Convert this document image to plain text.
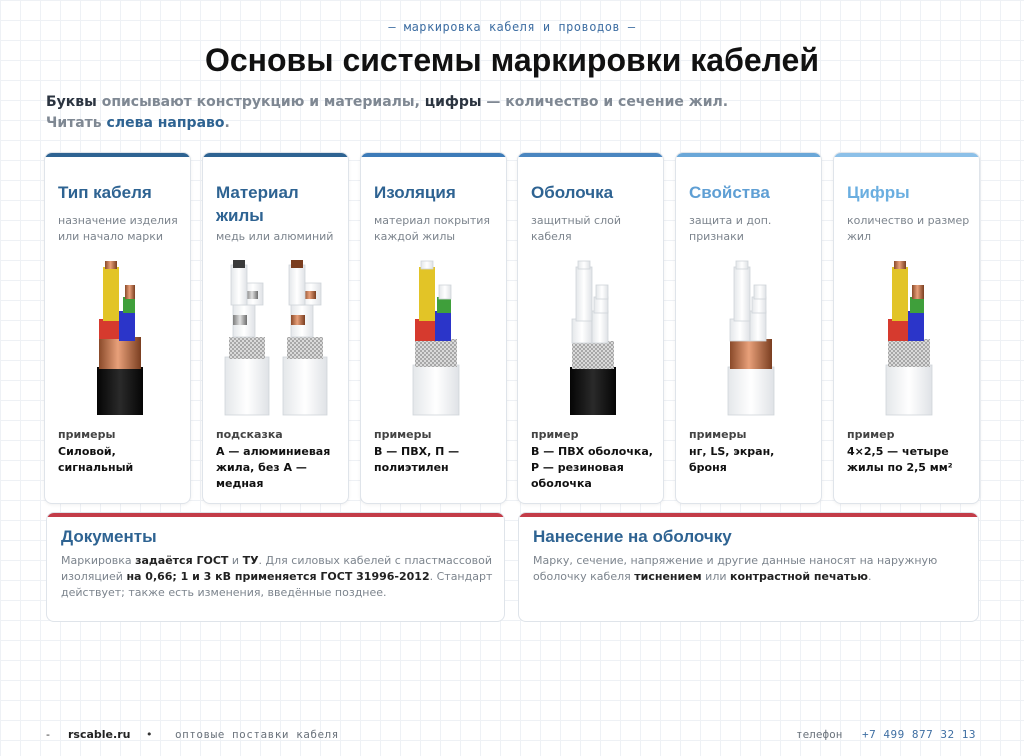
— маркировка кабеля и проводов —
Основы системы маркировки кабелей
Буквы описывают конструкцию и материалы, цифры — количество и сечение жил.
Читать слева направо.
Тип кабеля
назначение изделия или начало марки
примеры
Силовой, сигнальный
Материал жилы
медь или алюминий
подсказка
А — алюминиевая жила, без А — медная
Изоляция
материал покрытия каждой жилы
примеры
В — ПВХ, П — полиэтилен
Оболочка
защитный слой кабеля
пример
В — ПВХ оболочка, Р — резиновая оболочка
Свойства
защита и доп. признаки
примеры
нг, LS, экран, броня
Цифры
количество и размер жил
пример
4×2,5 — четыре жилы по 2,5 мм²
Документы
Маркировка задаётся ГОСТ и ТУ. Для силовых кабелей с пластмассовой изоляцией на 0,66; 1 и 3 кВ применяется ГОСТ 31996-2012. Стандарт действует; также есть изменения, введённые позднее.
Нанесение на оболочку
Марку, сечение, напряжение и другие данные наносят на наружную оболочку кабеля тиснением или контрастной печатью.
- rscable.ru • оптовые поставки кабеля	телефон +7 499 877 32 13
